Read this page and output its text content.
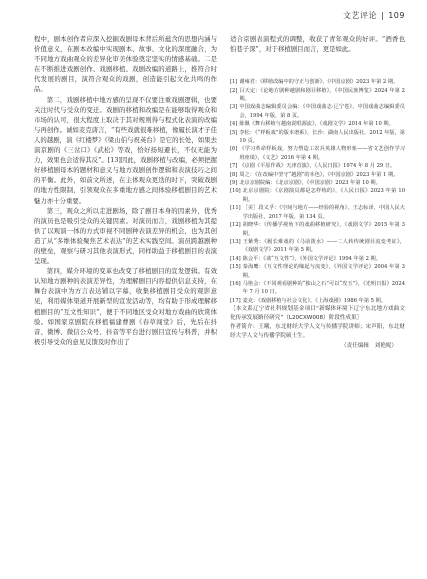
文艺评论 | 109

程中，剧本创作者应深入挖掘戏剧母本背后所蕴含的思想内涵与价值意义，在剧本改编中实现剧本、故事、文化的深度融合，为不同地方戏曲观众的差异化审美体验奠定坚实的情感基础。二是在不断推进戏剧创作、戏剧移植、戏剧改编的道路上，推符合时代发展的剧目，演符合观众的戏剧，创造能引起文化共鸣的作品。

第二，戏剧移植中地方感的呈现不仅要注重戏剧逻辑，也要关注时代与受众的变迁。戏剧的移植和改编是在能够取得观众和市场的认可，很大程度上取决于其对规则得与程式化表演的改编与再创作。诚如麦克唐言，“有些戏就很难移植，像履长演才子佳人的越剧，演《红楼梦》《梁山伯与祝英台》是它的长处，如果去演京剧的《三岔口》《武松》等戏，恰好扬短避长，不仅无能为力，效果也会适得其反”。[13]因此，戏剧移植与改编，必须把握好移植剧母本的题材和意义与地方戏剧创作逻辑和表演技巧之间的平衡。此外，如前文所述，在主体观众更迭的时下，突破戏剧的地方性限制，引领观众在多重地方感之间体验移植剧目的艺术魅力亦十分重要。

第三，观众之所以走进剧场，除了剧目本身的因素外，优秀的演员也是吸引受众的关键因素。对演员而言，戏剧移植为其提供了以观演一体的方式审视不同剧种表演差异的机会，也为其创造了从“多维体验聚焦艺术表达”的艺术实践空间。演员跨越剧种的壁垒，观察与研习其他表演形式，同样助益于移植剧目的表演呈现。

第四，媒介环境的变革也改变了移植剧目的宣发逻辑。有效认知地方剧种的表演差异性，为理解剧目内容提供信息支持，在舞台表演中为方言表达铺以字幕，收集移植剧目受众的观影意见，利用媒体渠道开展新型的宣发活动等，均有助于形成理解移植剧目的“互文性知识”，便于不同地区受众对地方戏曲的欣赏体验。如国家京剧院在移植福建曹剧《春草闯堂》后，先后在抖音、微博、微信公众号、抖音等平台进行剧目宣传与科普，并积极引导受众的意见反馈及时作出了

适合京剧表演程式的调整，收获了青年观众的好评。“酒香也怕巷子深”，对于移植剧目而言，更是如此。

[1] 谢雍君：《移植改编中的守正与创新》，《中国京剧》2023 年第 2 期。
[2] 吕天定：《论地方剧种越剧和剧目移植》，《中国民族博览》2024 年第 2 期。
[3] 中国戏曲志编辑委员会编：《中国戏曲志·辽宁卷》，中国戏曲志编辑委员会，1994 年版，第 8 页。
[4] 陈佩《舞台移植与越南说唱源流》，《戏剧文学》2014 年第 10 期。
[5] 李松：《“样板戏”的版本谱系》，长沙：湖南人民出版社，2012 年版，第 19 页。
[6] 《学习革命样板戏，努力塑造工农兵英雄人物形象——省文艺创作学习班座谈》，《文艺》2016 年第 4 期。
[7] 《京剧《平原作战》天津首演》，《人民日报》1974 年 8 月 29 日。
[8] 周之：《在改编中坚守“越剧”的本色》，《中国京剧》2023 年第 1 期。
[9] 北京京剧院编：《北京京剧》，《中国京剧》2023 年第 10 期。
[10] 北京京剧院：《京剧演员都是怎样练的》，《人民日报》2023 年第 10 期。
[11] ［美］段义孚：《空间与地方——经验的视角》，王志标译，中国人民大学出版社，2017 年版，第 134 页。
[12] 胡晓华：《传播学视角下的戏曲移植研究》，《戏剧文学》2015 年第 3 期。
[13] 王紫秀：《履长难戏的《马前泼水》——二人转传统剧目流变考证》，《戏剧文学》2011 年第 5 期。
[14] 陈会平：《谈“互文性”》，《外国文学评论》1994 年第 2 期。
[15] 秦海鹰：《互文性理论的缘起与流变》，《外国文学评论》2004 年第 3 期。
[16] 马艳会：《不同观看剧种的“独山之石”可以“攻玉”》，《光明日报》2024 年 7 月 10 日。
[17] 麦克：《戏剧移植与社会文化》，《上海戏剧》1986 年第 5 期。

［本文系辽宁省社科规划基金项目“新媒体环境下辽宁东北地方戏曲文化传承发展路径研究”（L20CXW008）阶段性成果］

作者简介：王曦，东北财经大学人文与传播学院讲师；宋声阳，东北财经大学人文与传播学院硕士生。

（责任编辑　刘艳妮）
